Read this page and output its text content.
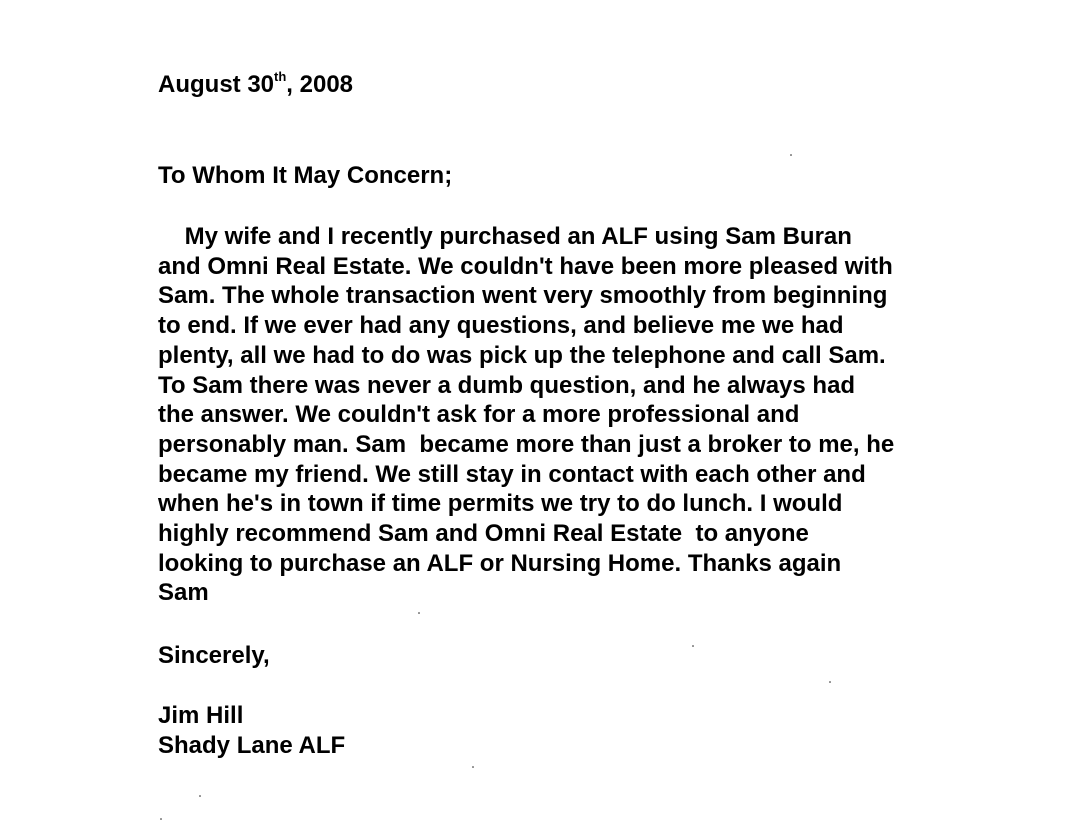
August 30th, 2008
To Whom It May Concern;
My wife and I recently purchased an ALF using Sam Buran
and Omni Real Estate. We couldn't have been more pleased with
Sam. The whole transaction went very smoothly from beginning
to end. If we ever had any questions, and believe me we had
plenty, all we had to do was pick up the telephone and call Sam.
To Sam there was never a dumb question, and he always had
the answer. We couldn't ask for a more professional and
personably man. Sam  became more than just a broker to me, he
became my friend. We still stay in contact with each other and
when he's in town if time permits we try to do lunch. I would
highly recommend Sam and Omni Real Estate  to anyone
looking to purchase an ALF or Nursing Home. Thanks again
Sam
Sincerely,
Jim Hill
Shady Lane ALF
